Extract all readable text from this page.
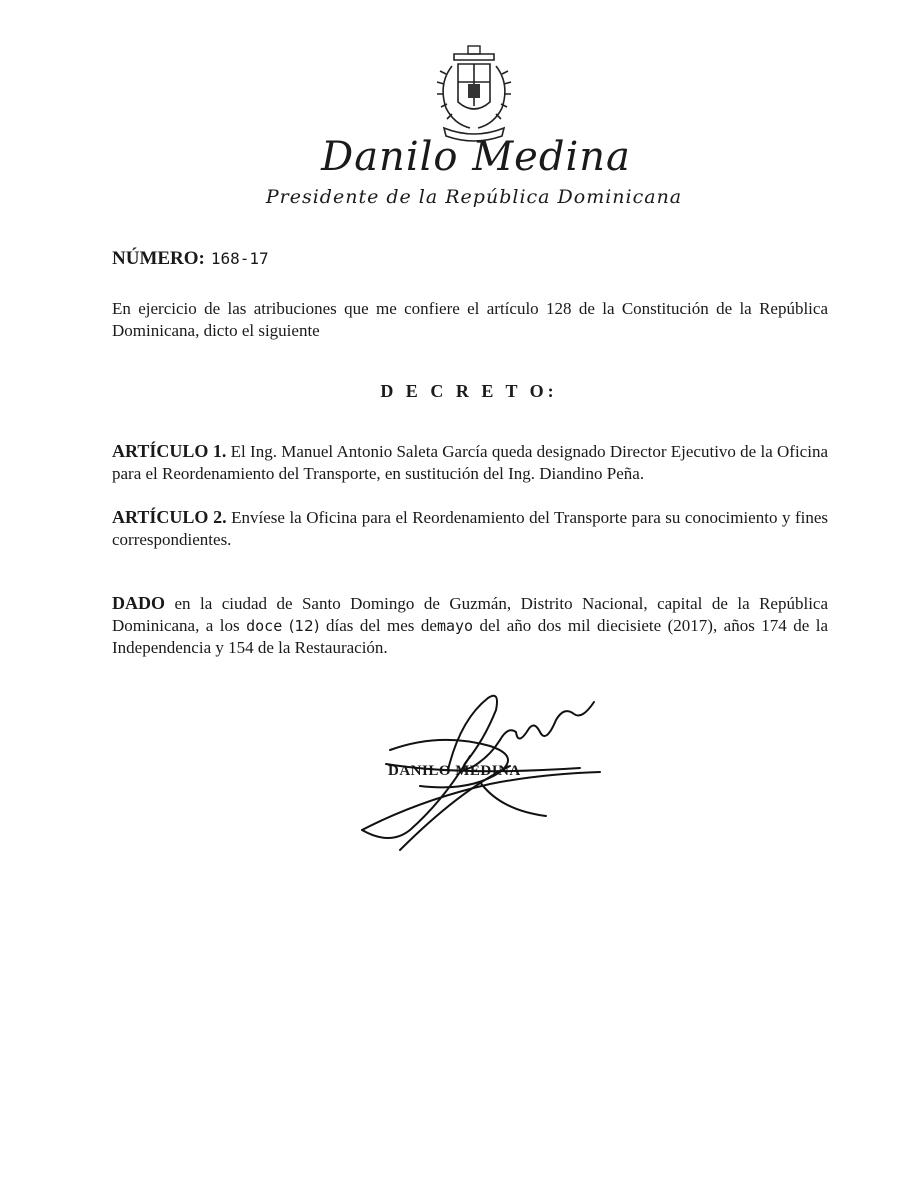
Danilo Medina
Presidente de la República Dominicana
NÚMERO: 168-17
En ejercicio de las atribuciones que me confiere el artículo 128 de la Constitución de la República Dominicana, dicto el siguiente
D E C R E T O:
ARTÍCULO 1. El Ing. Manuel Antonio Saleta García queda designado Director Ejecutivo de la Oficina para el Reordenamiento del Transporte, en sustitución del Ing. Diandino Peña.
ARTÍCULO 2. Envíese la Oficina para el Reordenamiento del Transporte para su conocimiento y fines correspondientes.
DADO en la ciudad de Santo Domingo de Guzmán, Distrito Nacional, capital de la República Dominicana, a los doce (12) días del mes demayo del año dos mil diecisiete (2017), años 174 de la Independencia y 154 de la Restauración.
DANILO MEDINA
